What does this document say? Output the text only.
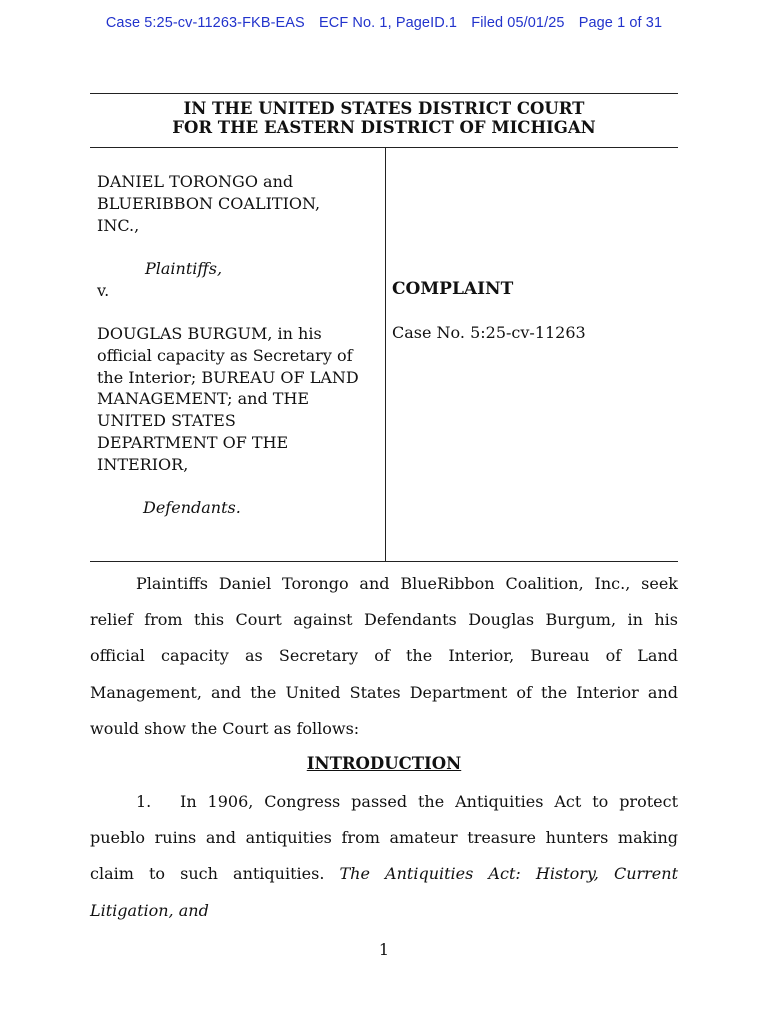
Case 5:25-cv-11263-FKB-EAS ECF No. 1, PageID.1 Filed 05/01/25 Page 1 of 31
IN THE UNITED STATES DISTRICT COURT
FOR THE EASTERN DISTRICT OF MICHIGAN
DANIEL TORONGO and
BLUERIBBON COALITION,
INC.,
Plaintiffs,
v.
DOUGLAS BURGUM, in his
official capacity as Secretary of
the Interior; BUREAU OF LAND
MANAGEMENT; and THE
UNITED STATES
DEPARTMENT OF THE
INTERIOR,
Defendants.
COMPLAINT
Case No. 5:25-cv-11263
Plaintiffs Daniel Torongo and BlueRibbon Coalition, Inc., seek relief from this Court against Defendants Douglas Burgum, in his official capacity as Secretary of the Interior, Bureau of Land Management, and the United States Department of the Interior and would show the Court as follows:
INTRODUCTION
1. In 1906, Congress passed the Antiquities Act to protect pueblo ruins and antiquities from amateur treasure hunters making claim to such antiquities. The Antiquities Act: History, Current Litigation, and
1
